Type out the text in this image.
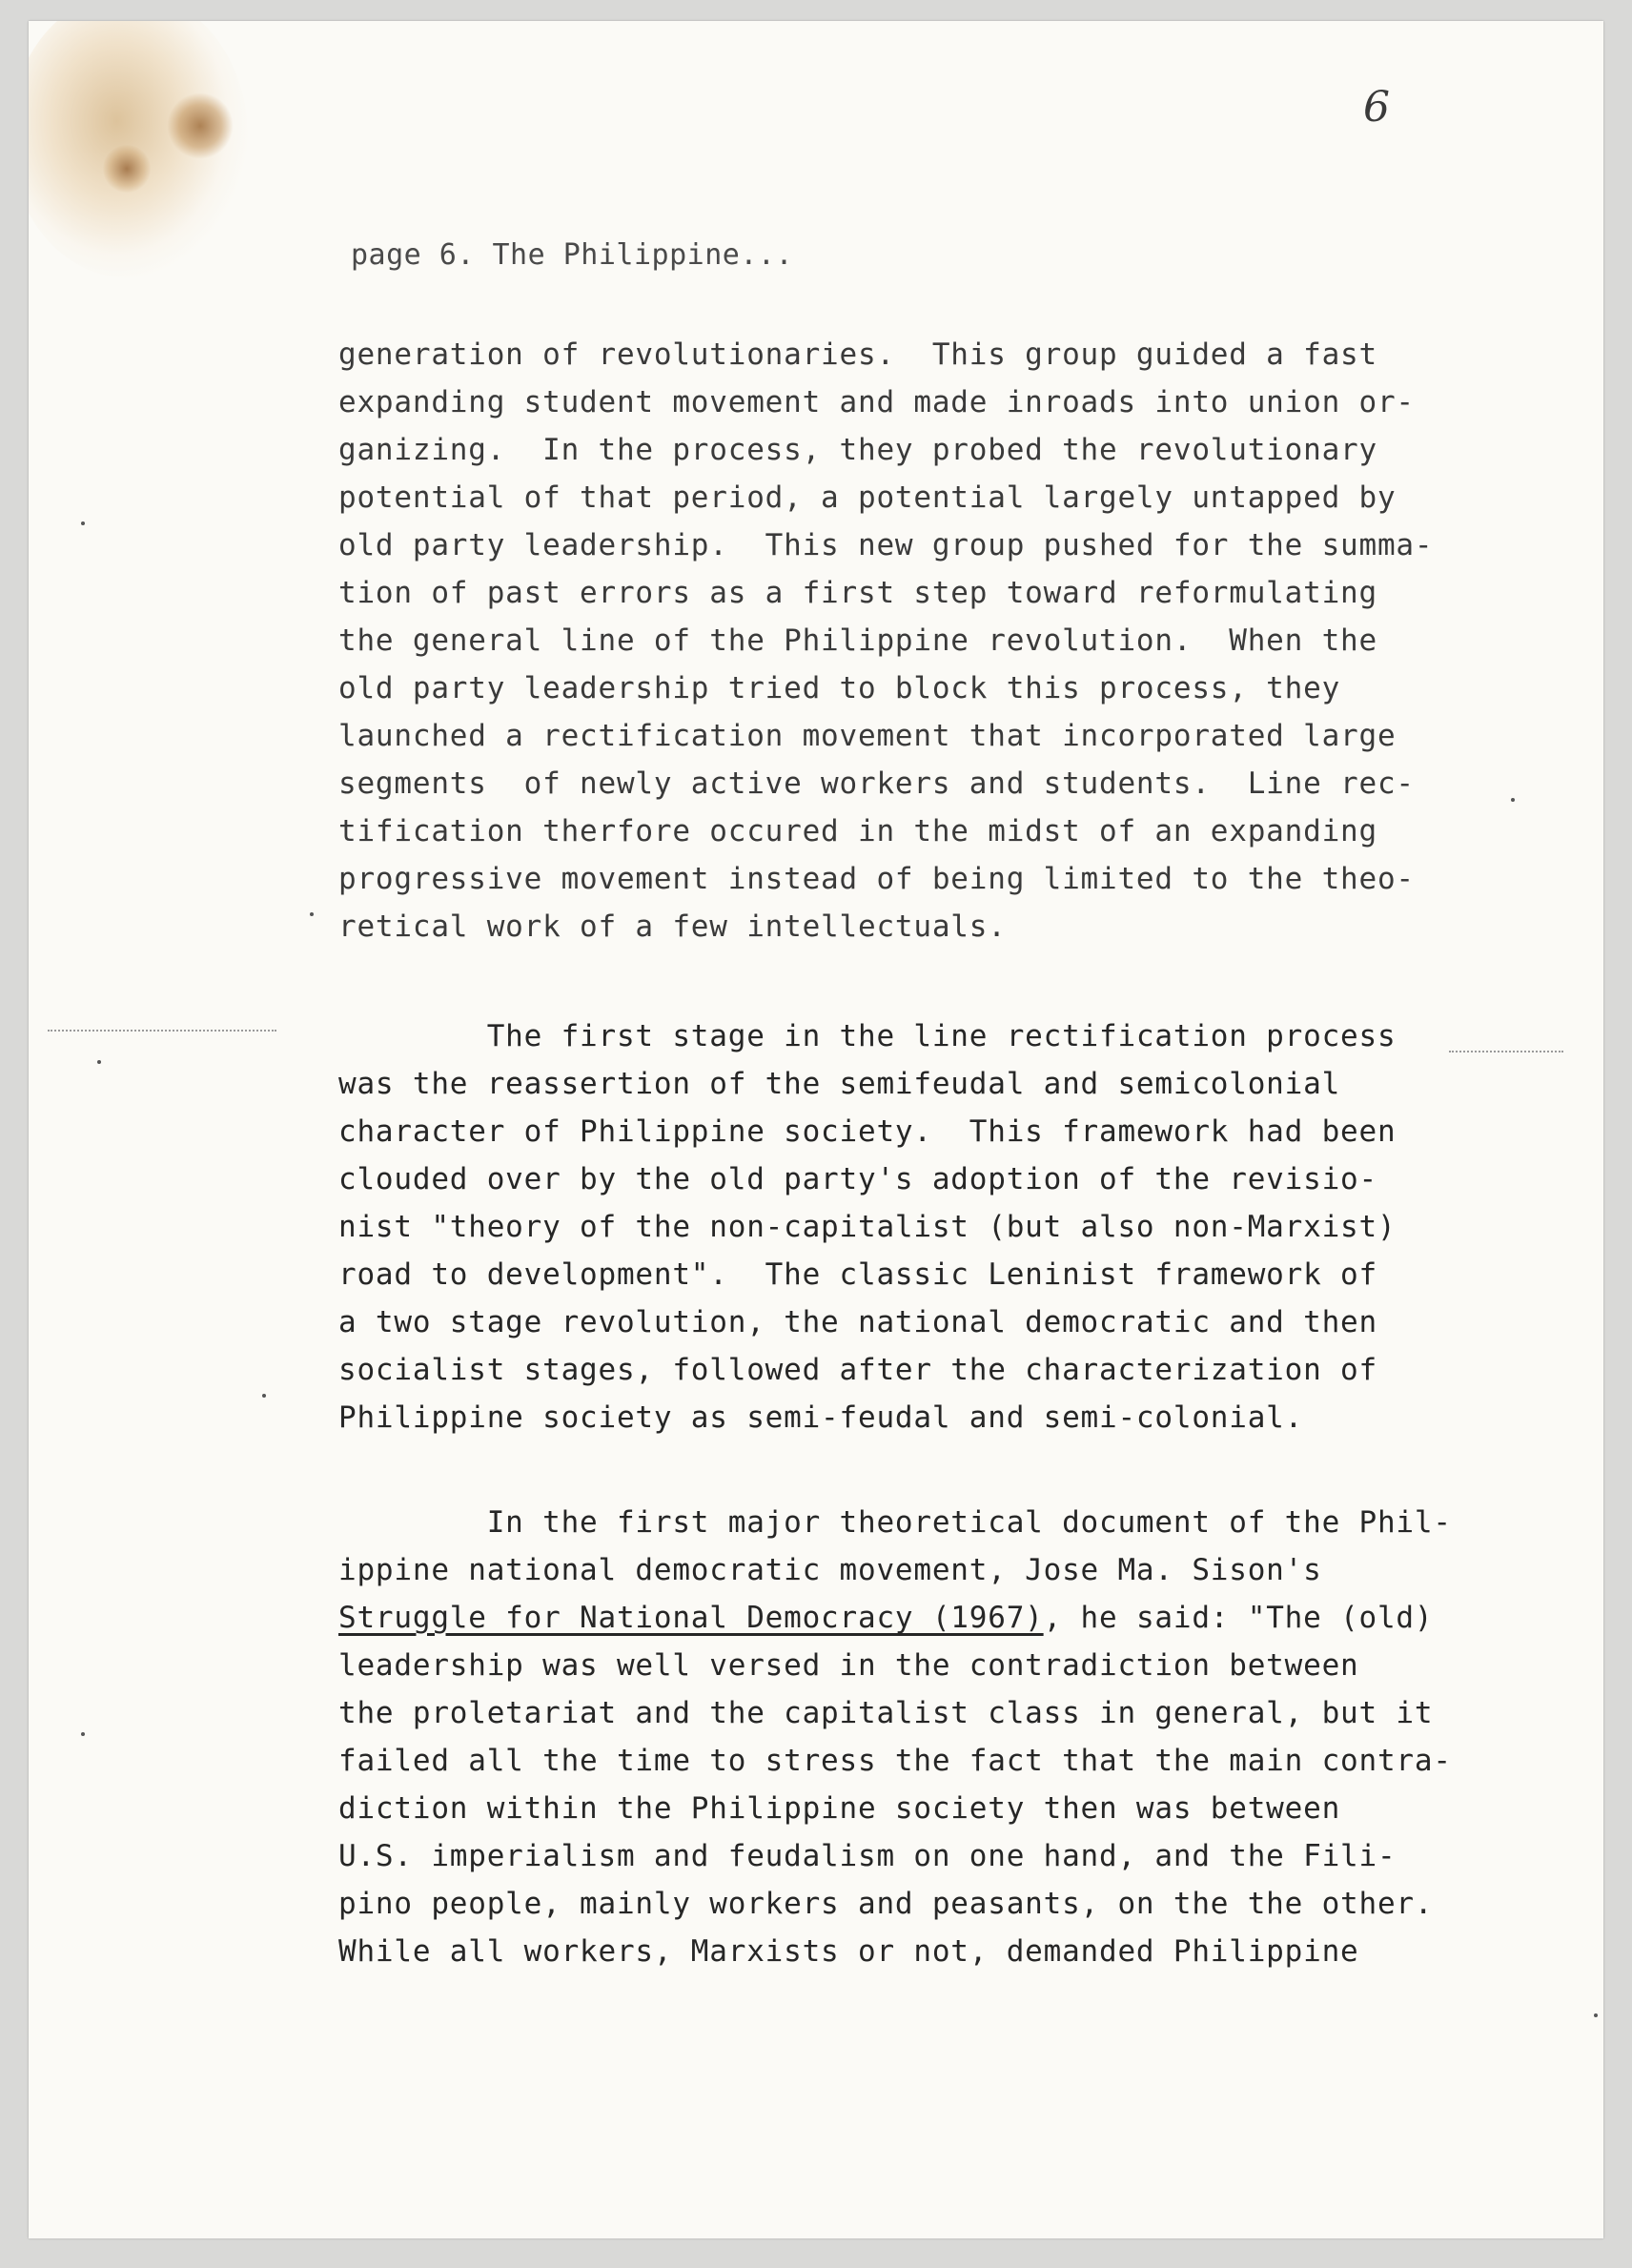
6
page 6. The Philippine...
generation of revolutionaries.  This group guided a fast
expanding student movement and made inroads into union or-
ganizing.  In the process, they probed the revolutionary
potential of that period, a potential largely untapped by
old party leadership.  This new group pushed for the summa-
tion of past errors as a first step toward reformulating
the general line of the Philippine revolution.  When the
old party leadership tried to block this process, they
launched a rectification movement that incorporated large
segments  of newly active workers and students.  Line rec-
tification therfore occured in the midst of an expanding
progressive movement instead of being limited to the theo-
retical work of a few intellectuals.
The first stage in the line rectification process
was the reassertion of the semifeudal and semicolonial
character of Philippine society.  This framework had been
clouded over by the old party's adoption of the revisio-
nist "theory of the non-capitalist (but also non-Marxist)
road to development".  The classic Leninist framework of
a two stage revolution, the national democratic and then
socialist stages, followed after the characterization of
Philippine society as semi-feudal and semi-colonial.
In the first major theoretical document of the Phil-
ippine national democratic movement, Jose Ma. Sison's
Struggle for National Democracy (1967), he said: "The (old)
leadership was well versed in the contradiction between
the proletariat and the capitalist class in general, but it
failed all the time to stress the fact that the main contra-
diction within the Philippine society then was between
U.S. imperialism and feudalism on one hand, and the Fili-
pino people, mainly workers and peasants, on the the other.
While all workers, Marxists or not, demanded Philippine
